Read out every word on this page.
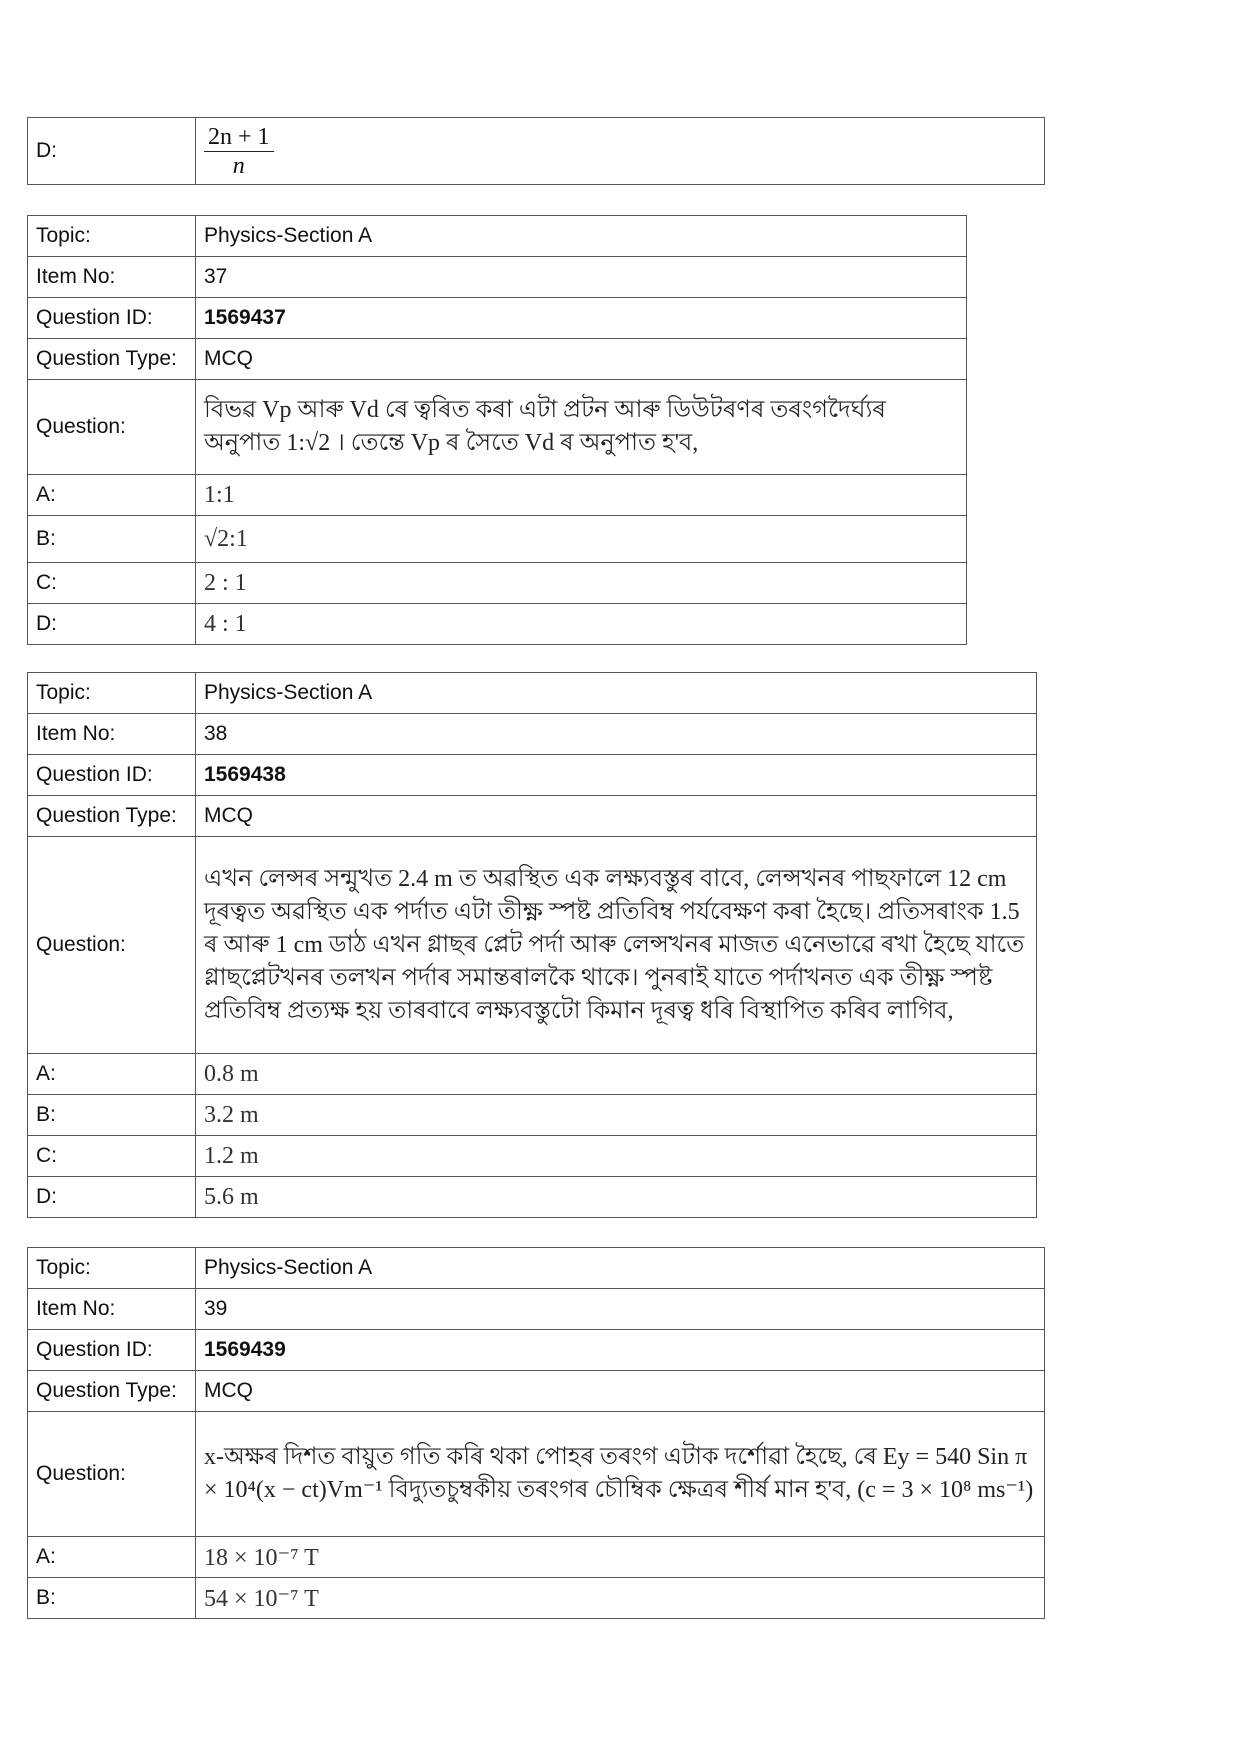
D:	$\frac{2n + 1}{n}$
Topic:	Physics-Section A
Item No:	37
Question ID:	1569437
Question Type:	MCQ
Question:	বিভৱ Vp আৰু Vd ৰে ত্বৰিত কৰা এটা প্ৰটন আৰু ডিউটৰণৰ তৰংগদৈৰ্ঘ্যৰ অনুপাত 1:√2 । তেন্তে Vp ৰ সৈতে Vd ৰ অনুপাত হ'ব,
A:	1:1
B:	√2:1
C:	2 : 1
D:	4 : 1
Topic:	Physics-Section A
Item No:	38
Question ID:	1569438
Question Type:	MCQ
Question:	এখন লেন্সৰ সন্মুখত 2.4 m ত অৱস্থিত এক লক্ষ্যবস্তুৰ বাবে, লেন্সখনৰ পাছফালে 12 cm দূৰত্বত অৱস্থিত এক পৰ্দাত এটা তীক্ষ্ণ স্পষ্ট প্ৰতিবিম্ব পৰ্যবেক্ষণ কৰা হৈছে। প্ৰতিসৰাংক 1.5 ৰ আৰু 1 cm ডাঠ এখন গ্লাছৰ প্লেট পৰ্দা আৰু লেন্সখনৰ মাজত এনেভাৱে ৰখা হৈছে যাতে গ্লাছপ্লেটখনৰ তলখন পৰ্দাৰ সমান্তৰালকৈ থাকে। পুনৰাই যাতে পৰ্দাখনত এক তীক্ষ্ণ স্পষ্ট প্ৰতিবিম্ব প্ৰত্যক্ষ হয় তাৰবাবে লক্ষ্যবস্তুটো কিমান দূৰত্ব ধৰি বিস্থাপিত কৰিব লাগিব,
A:	0.8 m
B:	3.2 m
C:	1.2 m
D:	5.6 m
Topic:	Physics-Section A
Item No:	39
Question ID:	1569439
Question Type:	MCQ
Question:	x-অক্ষৰ দিশত বায়ুত গতি কৰি থকা পোহৰ তৰংগ এটাক দৰ্শোৱা হৈছে, ৰে Ey = 540 Sin π × 10⁴(x − ct)Vm⁻¹ বিদ্যুতচুম্বকীয় তৰংগৰ চৌম্বিক ক্ষেত্ৰৰ শীৰ্ষ মান হ'ব, (c = 3 × 10⁸ ms⁻¹)
A:	18 × 10⁻⁷ T
B:	54 × 10⁻⁷ T
